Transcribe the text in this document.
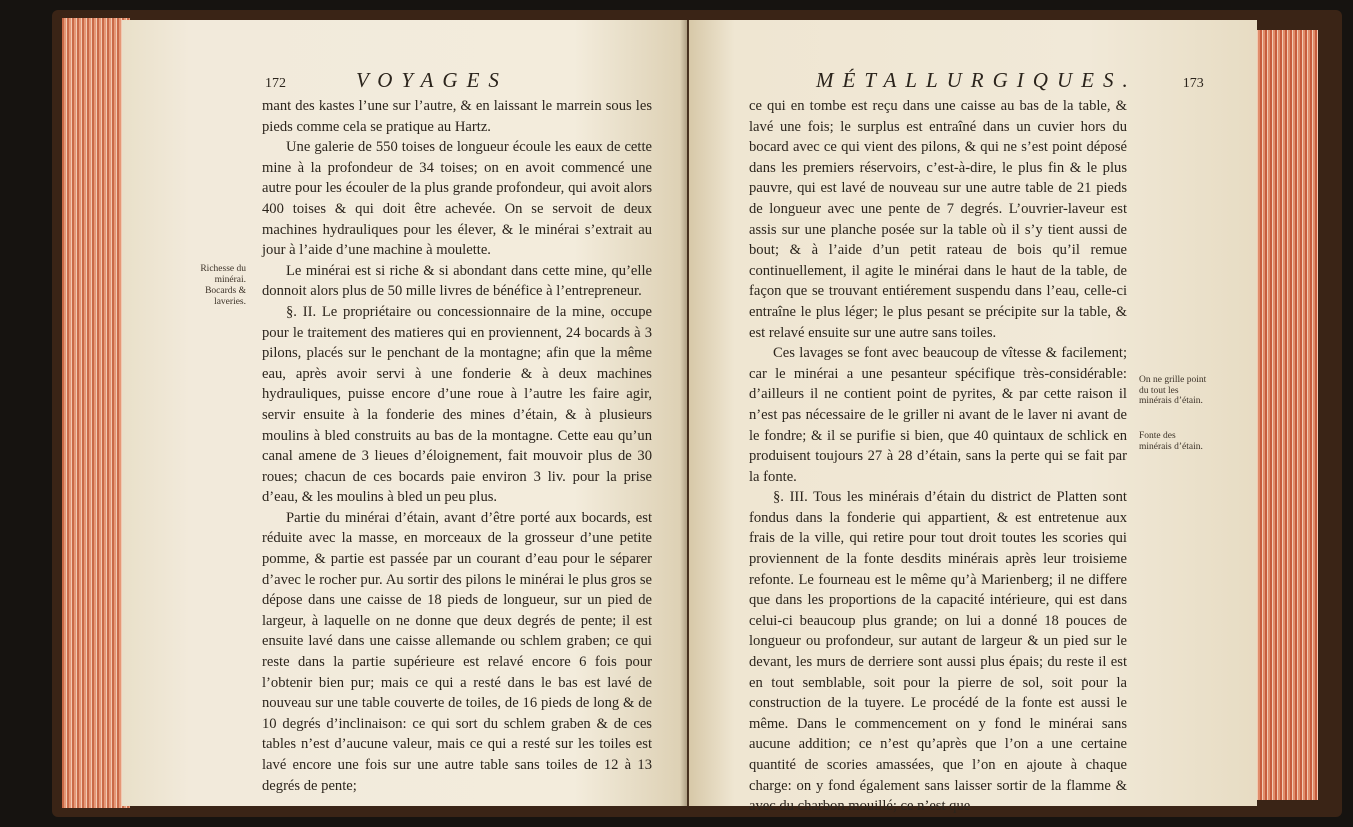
172	VOYAGES

mant des kastes l’une sur l’autre, & en laissant le marrein sous les pieds comme cela se pratique au Hartz.

Une galerie de 550 toises de longueur écoule les eaux de cette mine à la profondeur de 34 toises; on en avoit commencé une autre pour les écouler de la plus grande profondeur, qui avoit alors 400 toises & qui doit être achevée. On se servoit de deux machines hydrauliques pour les élever, & le minérai s’extrait au jour à l’aide d’une machine à moulette.

Le minérai est si riche & si abondant dans cette mine, qu’elle donnoit alors plus de 50 mille livres de bénéfice à l’entrepreneur.

§. II. Le propriétaire ou concessionnaire de la mine, occupe pour le traitement des matieres qui en proviennent, 24 bocards à 3 pilons, placés sur le penchant de la montagne; afin que la même eau, après avoir servi à une fonderie & à deux machines hydrauliques, puisse encore d’une roue à l’autre les faire agir, servir ensuite à la fonderie des mines d’étain, & à plusieurs moulins à bled construits au bas de la montagne. Cette eau qu’un canal amene de 3 lieues d’éloignement, fait mouvoir plus de 30 roues; chacun de ces bocards paie environ 3 liv. pour la prise d’eau, & les moulins à bled un peu plus.

Partie du minérai d’étain, avant d’être porté aux bocards, est réduite avec la masse, en morceaux de la grosseur d’une petite pomme, & partie est passée par un courant d’eau pour le séparer d’avec le rocher pur. Au sortir des pilons le minérai le plus gros se dépose dans une caisse de 18 pieds de longueur, sur un pied de largeur, à laquelle on ne donne que deux degrés de pente; il est ensuite lavé dans une caisse allemande ou schlem graben; ce qui reste dans la partie supérieure est relavé encore 6 fois pour l’obtenir bien pur; mais ce qui a resté dans le bas est lavé de nouveau sur une table couverte de toiles, de 16 pieds de long & de 10 degrés d’inclinaison: ce qui sort du schlem graben & de ces tables n’est d’aucune valeur, mais ce qui a resté sur les toiles est lavé encore une fois sur une autre table sans toiles de 12 à 13 degrés de pente;

Richesse du minérai.
Bocards & laveries.
MÉTALLURGIQUES.	173

ce qui en tombe est reçu dans une caisse au bas de la table, & lavé une fois; le surplus est entraîné dans un cuvier hors du bocard avec ce qui vient des pilons, & qui ne s’est point déposé dans les premiers réservoirs, c’est-à-dire, le plus fin & le plus pauvre, qui est lavé de nouveau sur une autre table de 21 pieds de longueur avec une pente de 7 degrés. L’ouvrier-laveur est assis sur une planche posée sur la table où il s’y tient aussi de bout; & à l’aide d’un petit rateau de bois qu’il remue continuellement, il agite le minérai dans le haut de la table, de façon que se trouvant entiérement suspendu dans l’eau, celle-ci entraîne le plus léger; le plus pesant se précipite sur la table, & est relavé ensuite sur une autre sans toiles.

Ces lavages se font avec beaucoup de vîtesse & facilement; car le minérai a une pesanteur spécifique très-considérable: d’ailleurs il ne contient point de pyrites, & par cette raison il n’est pas nécessaire de le griller ni avant de le laver ni avant de le fondre; & il se purifie si bien, que 40 quintaux de schlick en produisent toujours 27 à 28 d’étain, sans la perte qui se fait par la fonte.

§. III. Tous les minérais d’étain du district de Platten sont fondus dans la fonderie qui appartient, & est entretenue aux frais de la ville, qui retire pour tout droit toutes les scories qui proviennent de la fonte desdits minérais après leur troisieme refonte. Le fourneau est le même qu’à Marienberg; il ne differe que dans les proportions de la capacité intérieure, qui est dans celui-ci beaucoup plus grande; on lui a donné 18 pouces de longueur ou profondeur, sur autant de largeur & un pied sur le devant, les murs de derriere sont aussi plus épais; du reste il est en tout semblable, soit pour la pierre de sol, soit pour la construction de la tuyere. Le procédé de la fonte est aussi le même. Dans le commencement on y fond le minérai sans aucune addition; ce n’est qu’après que l’on a une certaine quantité de scories amassées, que l’on en ajoute à chaque charge: on y fond également sans laisser sortir de la flamme & avec du charbon mouillé; ce n’est que

On ne grille point du tout les minérais d’étain.
Fonte des minérais d’étain.
